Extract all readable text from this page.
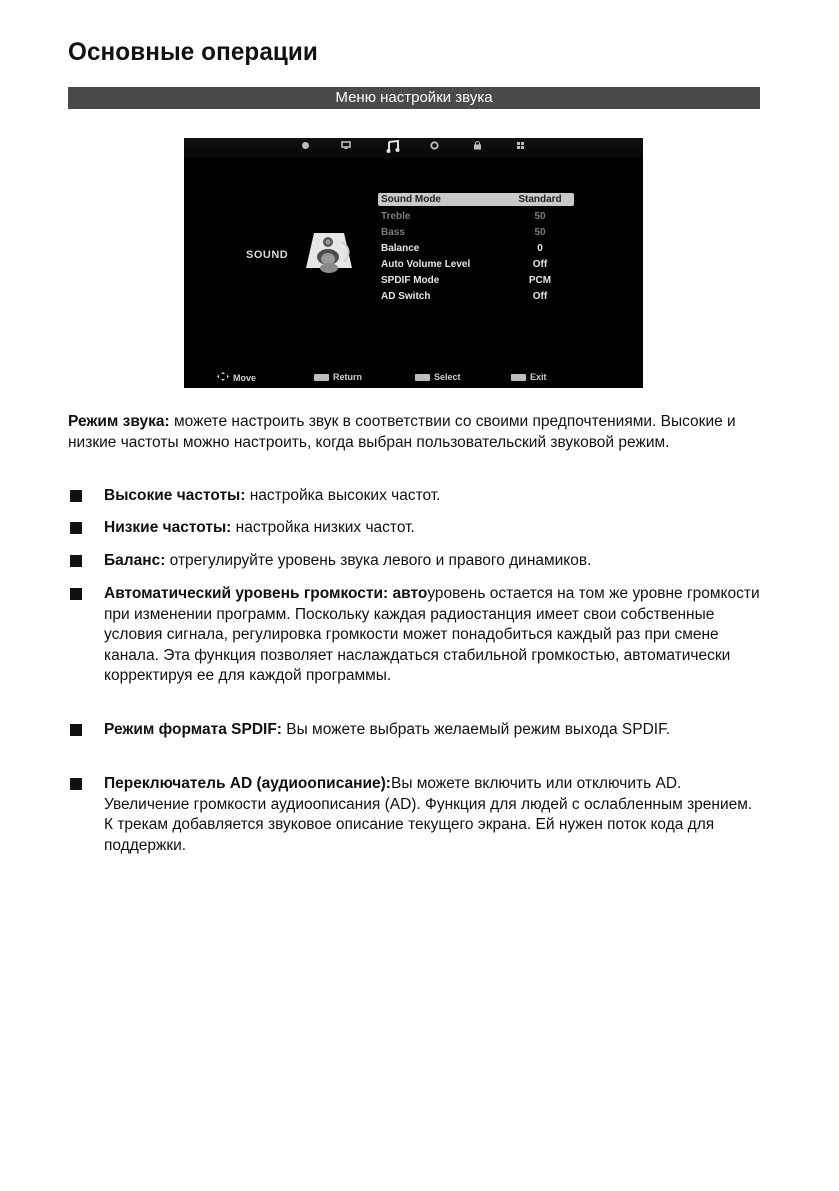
Основные операции
Меню настройки звука
SOUND
Sound Mode	Standard
Treble	50
Bass	50
Balance	0
Auto Volume Level	Off
SPDIF Mode	PCM
AD Switch	Off
Move	Return	Select	Exit
Режим звука: можете настроить звук в соответствии со своими предпочтениями. Высокие и низкие частоты можно настроить, когда выбран пользовательский звуковой режим.
Высокие частоты: настройка высоких частот.
Низкие частоты: настройка низких частот.
Баланс: отрегулируйте уровень звука левого и правого динамиков.
Автоматический уровень громкости: автоуровень остается на том же уровне громкости при изменении программ. Поскольку каждая радиостанция имеет свои собственные условия сигнала, регулировка громкости может понадобиться каждый раз при смене канала. Эта функция позволяет наслаждаться стабильной громкостью, автоматически корректируя ее для каждой программы.
Режим формата SPDIF: Вы можете выбрать желаемый режим выхода SPDIF.
Переключатель AD (аудиоописание):Вы можете включить или отключить AD. Увеличение громкости аудиоописания (AD). Функция для людей с ослабленным зрением. К трекам добавляется звуковое описание текущего экрана. Ей нужен поток кода для поддержки.
